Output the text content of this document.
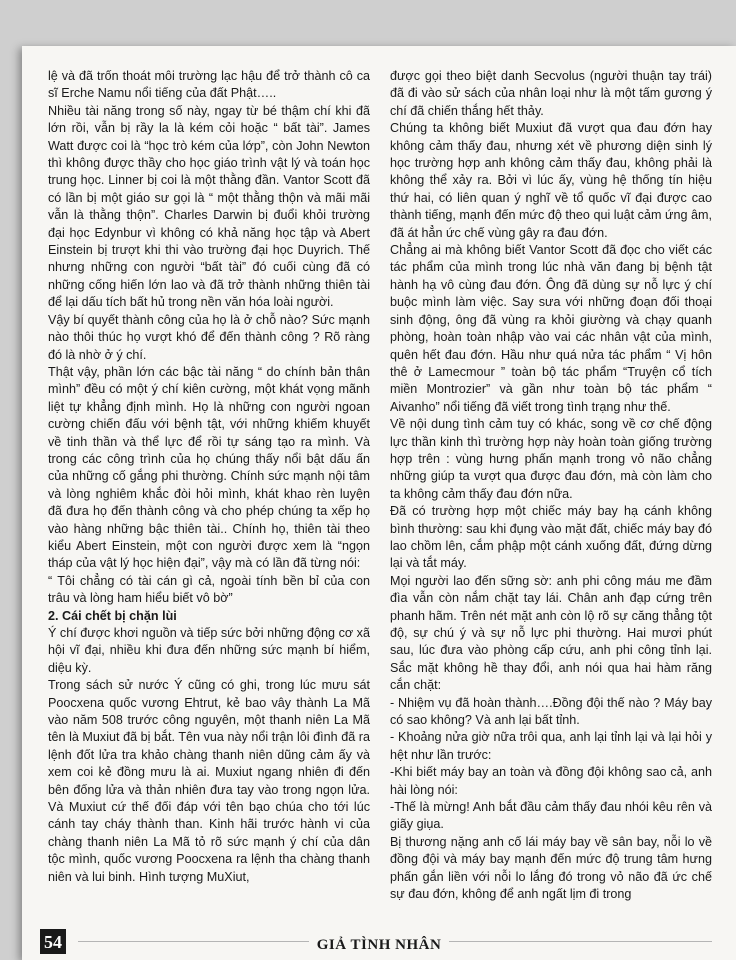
lệ và đã trốn thoát môi trường lạc hậu để trở thành cô ca sĩ Erche Namu nổi tiếng của đất Phật…..

Nhiều tài năng trong số này, ngay từ bé thậm chí khi đã lớn rồi, vẫn bị rầy la là kém cỏi hoặc “ bất tài”. James Watt được coi là “học trò kém của lớp”, còn John Newton thì không được thầy cho học giáo trình vật lý và toán học trung học. Linner bị coi là một thằng đần. Vantor Scott đã có lần bị một giáo sư gọi là “ một thằng thộn và mãi mãi vẫn là thằng thộn”. Charles Darwin bị đuổi khỏi trường đại học Edynbur vì không có khả năng học tập và Abert Einstein bị trượt khi thi vào trường đại học Duyrich. Thế nhưng những con người “bất tài” đó cuối cùng đã có những cống hiến lớn lao và đã trở thành những thiên tài để lại dấu tích bất hủ trong nền văn hóa loài người.

Vậy bí quyết thành công của họ là ở chỗ nào? Sức mạnh nào thôi thúc họ vượt khó để đến thành công ? Rõ ràng đó là nhờ ở ý chí.

Thật vậy, phần lớn các bậc tài năng “ do chính bản thân mình” đều có một ý chí kiên cường, một khát vọng mãnh liệt tự khẳng định mình. Họ là những con người ngoan cường chiến đấu với bệnh tật, với những khiếm khuyết về tinh thần và thể lực để rồi tự sáng tạo ra mình. Và trong các công trình của họ chúng thấy nổi bật dấu ấn của những cố gắng phi thường. Chính sức mạnh nội tâm và lòng nghiêm khắc đòi hỏi mình, khát khao rèn luyện đã đưa họ đến thành công và cho phép chúng ta xếp họ vào hàng những bậc thiên tài.. Chính họ, thiên tài theo kiểu Abert Einstein, một con người được xem là “ngọn tháp của vật lý học hiện đại”, vậy mà có lần đã từng nói:

“ Tôi chẳng có tài cán gì cả, ngoài tính bền bỉ của con trâu và lòng ham hiểu biết vô bờ”

2. Cái chết bị chặn lùi

Ý chí được khơi nguồn và tiếp sức bởi những động cơ xã hội vĩ đại, nhiều khi đưa đến những sức mạnh bí hiểm, diệu kỳ.

Trong sách sử nước Ý cũng có ghi, trong lúc mưu sát Poocxena quốc vương Ehtrut, kẻ bao vây thành La Mã vào năm 508 trước công nguyên, một thanh niên La Mã tên là Muxiut đã bị bắt. Tên vua này nổi trận lôi đình đã ra lệnh đốt lửa tra khảo chàng thanh niên dũng cảm ấy và xem coi kẻ đồng mưu là ai. Muxiut ngang nhiên đi đến bên đống lửa và thản nhiên đưa tay vào trong ngọn lửa. Và Muxiut cứ thế đối đáp với tên bạo chúa cho tới lúc cánh tay cháy thành than. Kinh hãi trước hành vi của chàng thanh niên La Mã tỏ rõ sức mạnh ý chí của dân tộc mình, quốc vương Poocxena ra lệnh tha chàng thanh niên và lui binh. Hình tượng MuXiut,

được gọi theo biệt danh Secvolus (người thuận tay trái) đã đi vào sử sách của nhân loại như là một tấm gương ý chí đã chiến thắng hết thảy.

Chúng ta không biết Muxiut đã vượt qua đau đớn hay không cảm thấy đau, nhưng xét về phương diện sinh lý học trường hợp anh không cảm thấy đau, không phải là không thể xảy ra. Bởi vì lúc ấy, vùng hệ thống tín hiệu thứ hai, có liên quan ý nghĩ về tổ quốc vĩ đại được cao thành tiếng, mạnh đến mức độ theo qui luật cảm ứng âm, đã át hẳn ức chế vùng gây ra đau đớn.

Chẳng ai mà không biết Vantor Scott đã đọc cho viết các tác phẩm của mình trong lúc nhà văn đang bị bệnh tật hành hạ vô cùng đau đớn. Ông đã dùng sự nỗ lực ý chí buộc mình làm việc. Say sưa với những đoạn đối thoại sinh động, ông đã vùng ra khỏi giường và chạy quanh phòng, hoàn toàn nhập vào vai các nhân vật của mình, quên hết đau đớn. Hầu như quá nửa tác phẩm “ Vị hôn thê ở Lamecmour ” toàn bộ tác phẩm “Truyện cổ tích miền Montrozier” và gần như toàn bộ tác phẩm “ Aivanho” nổi tiếng đã viết trong tình trạng như thế.

Về nội dung tình cảm tuy có khác, song về cơ chế động lực thần kinh thì trường hợp này hoàn toàn giống trường hợp trên : vùng hưng phấn mạnh trong vỏ não chẳng những giúp ta vượt qua được đau đớn, mà còn làm cho ta không cảm thấy đau đớn nữa.

Đã có trường hợp một chiếc máy bay hạ cánh không bình thường: sau khi đụng vào mặt đất, chiếc máy bay đó lao chồm lên, cắm phập một cánh xuống đất, đứng dừng lại và tắt máy.

Mọi người lao đến sững sờ: anh phi công máu me đầm đìa vẫn còn nắm chặt tay lái. Chân anh đạp cứng trên phanh hãm. Trên nét mặt anh còn lộ rõ sự căng thẳng tột độ, sự chú ý và sự nỗ lực phi thường. Hai mươi phút sau, lúc đưa vào phòng cấp cứu, anh phi công tỉnh lại. Sắc mặt không hề thay đổi, anh nói qua hai hàm răng cắn chặt:

- Nhiệm vụ đã hoàn thành….Đồng đội thế nào ? Máy bay có sao không? Và anh lại bất tỉnh.

- Khoảng nửa giờ nữa trôi qua, anh lại tỉnh lại và lại hỏi y hệt như lần trước:

-Khi biết máy bay an toàn và đồng đội không sao cả, anh hài lòng nói:

-Thế là mừng! Anh bắt đầu cảm thấy đau nhói kêu rên và giãy giụa.

Bị thương nặng anh cố lái máy bay về sân bay, nỗi lo về đồng đội và máy bay mạnh đến mức độ trung tâm hưng phấn gắn liền với nỗi lo lắng đó trong vỏ não đã ức chế sự đau đớn, không để anh ngất lịm đi trong

54	GIẢ TÌNH NHÂN
